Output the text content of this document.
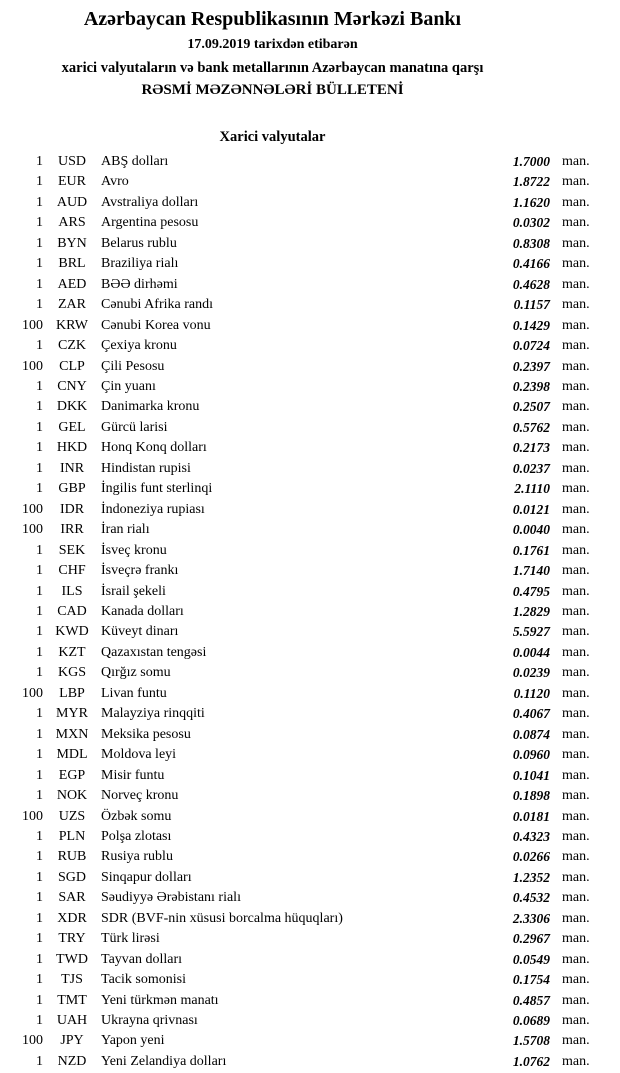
Azərbaycan Respublikasının Mərkəzi Bankı
17.09.2019 tarixdən etibarən
xarici valyutaların və bank metallarının Azərbaycan manatına qarşı
RƏSMİ MƏZƏNNƏLƏRİ BÜLLETENİ
Xarici valyutalar
1	USD	ABŞ dolları	1.7000 man.
1	EUR	Avro	1.8722 man.
1 AUD Avstraliya dolları	1.1620 man.
1	ARS	Argentina pesosu	0.0302 man.
1	BYN	Belarus rublu	0.8308 man.
1	BRL	Braziliya rialı	0.4166 man.
1	AED	BƏƏ dirhəmi	0.4628 man.
1	ZAR	Cənubi Afrika randı	0.1157 man.
100 KRW Cənubi Korea vonu	0.1429 man.
1	CZK	Çexiya kronu	0.0724 man.
100	CLP	Çili Pesosu	0.2397 man.
1	CNY	Çin yuanı	0.2398 man.
1 DKK Danimarka kronu	0.2507 man.
1	GEL	Gürcü larisi	0.5762 man.
1 HKD Honq Konq dolları	0.2173 man.
1	INR	Hindistan rupisi	0.0237 man.
1	GBP	İngilis funt sterlinqi	2.1110 man.
100	IDR	İndoneziya rupiası	0.0121 man.
100	IRR	İran rialı	0.0040 man.
1	SEK	İsveç kronu	0.1761 man.
1	CHF	İsveçrə frankı	1.7140 man.
1	ILS	İsrail şekeli	0.4795 man.
1	CAD	Kanada dolları	1.2829 man.
1 KWD Küveyt dinarı	5.5927 man.
1	KZT	Qazaxıstan tengəsi	0.0044 man.
1	KGS	Qırğız somu	0.0239 man.
100	LBP	Livan funtu	0.1120 man.
1 MYR Malayziya rinqqiti	0.4067 man.
1 MXN Meksika pesosu	0.0874 man.
1 MDL Moldova leyi	0.0960 man.
1	EGP	Misir funtu	0.1041 man.
1 NOK Norveç kronu	0.1898 man.
100	UZS	Özbək somu	0.0181 man.
1	PLN	Polşa zlotası	0.4323 man.
1	RUB	Rusiya rublu	0.0266 man.
1	SGD	Sinqapur dolları	1.2352 man.
1	SAR	Səudiyyə Ərəbistanı rialı	0.4532 man.
1	XDR	SDR (BVF-nin xüsusi borcalma hüquqları)	2.3306 man.
1	TRY	Türk lirəsi	0.2967 man.
1 TWD Tayvan dolları	0.0549 man.
1	TJS	Tacik somonisi	0.1754 man.
1	TMT	Yeni türkmən manatı	0.4857 man.
1 UAH Ukrayna qrivnası	0.0689 man.
100	JPY	Yapon yeni	1.5708 man.
1	NZD	Yeni Zelandiya dolları	1.0762 man.
